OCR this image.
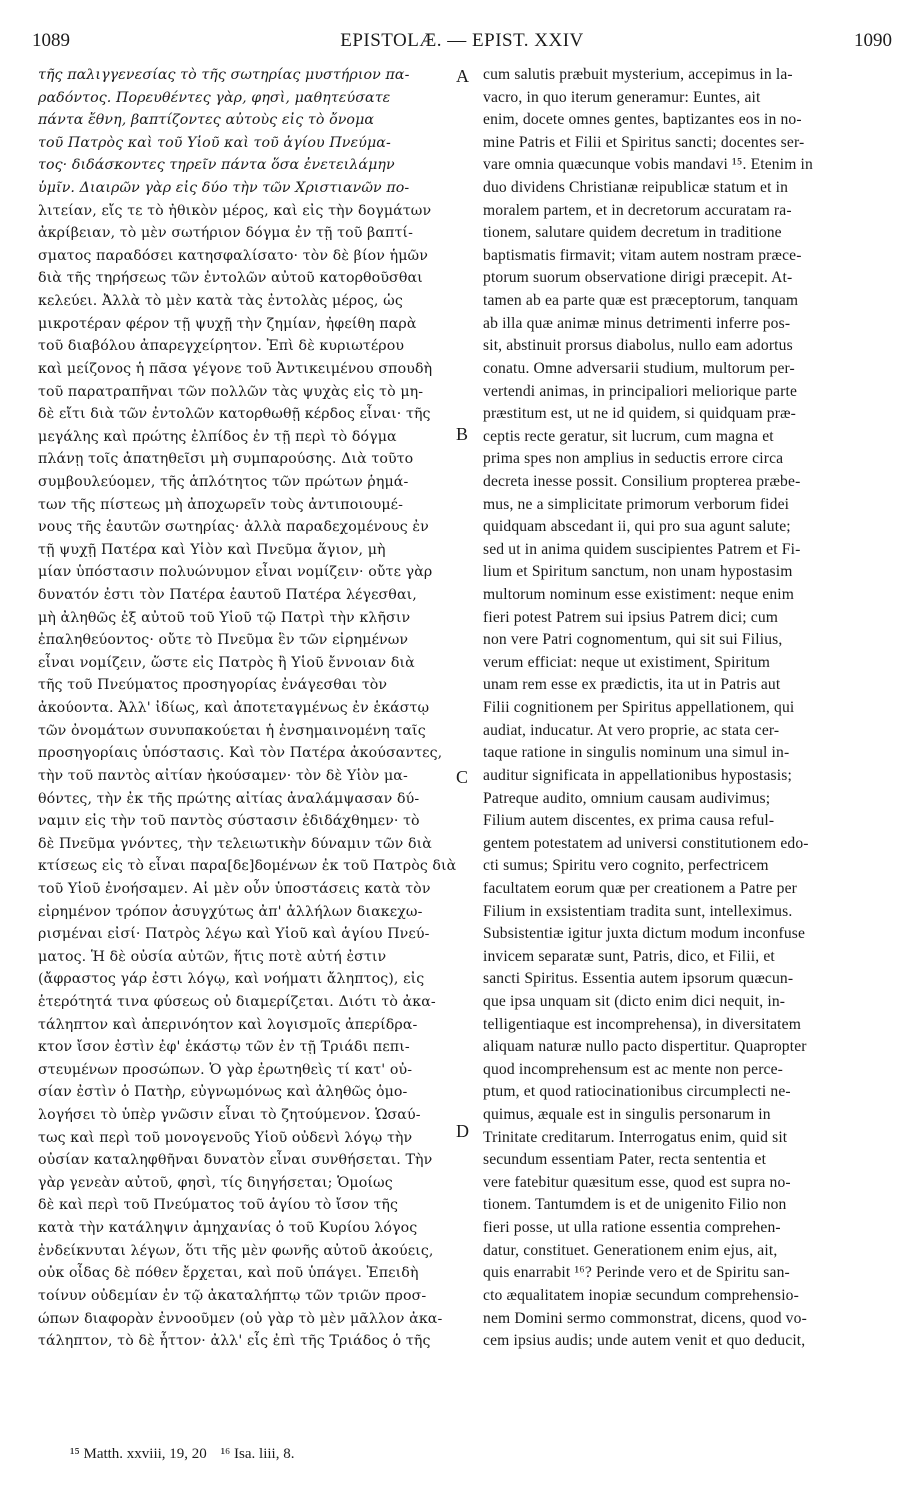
1089	EPISTOLÆ. — EPIST. XXIV	1090
τῆς παλιγγενεσίας τὸ τῆς σωτηρίας μυστήριον πα-
ραδόντος. Πορευθέντες γὰρ, φησὶ, μαθητεύσατε
πάντα ἔθνη, βαπτίζοντες αὐτοὺς εἰς τὸ ὄνομα
τοῦ Πατρὸς καὶ τοῦ Υἱοῦ καὶ τοῦ ἁγίου Πνεύμα-
τος· διδάσκοντες τηρεῖν πάντα ὅσα ἐνετειλάμην
ὑμῖν. Διαιρῶν γὰρ εἰς δύο τὴν τῶν Χριστιανῶν πο-
λιτείαν, εἴς τε τὸ ἠθικὸν μέρος, καὶ εἰς τὴν δογμάτων
ἀκρίβειαν, τὸ μὲν σωτήριον δόγμα ἐν τῇ τοῦ βαπτί-
σματος παραδόσει κατησφαλίσατο· τὸν δὲ βίον ἡμῶν
διὰ τῆς τηρήσεως τῶν ἐντολῶν αὐτοῦ κατορθοῦσθαι
κελεύει. Ἀλλὰ τὸ μὲν κατὰ τὰς ἐντολὰς μέρος, ὡς
μικροτέραν φέρον τῇ ψυχῇ τὴν ζημίαν, ἠφείθη παρὰ
τοῦ διαβόλου ἀπαρεγχείρητον. Ἐπὶ δὲ κυριωτέρου
καὶ μείζονος ἡ πᾶσα γέγονε τοῦ Ἀντικειμένου σπουδὴ
τοῦ παρατραπῆναι τῶν πολλῶν τὰς ψυχὰς εἰς τὸ μη-
δὲ εἴτι διὰ τῶν ἐντολῶν κατορθωθῇ κέρδος εἶναι· τῆς
μεγάλης καὶ πρώτης ἐλπίδος ἐν τῇ περὶ τὸ δόγμα
πλάνῃ τοῖς ἀπατηθεῖσι μὴ συμπαρούσης. Διὰ τοῦτο
συμβουλεύομεν, τῆς ἁπλότητος τῶν πρώτων ῥημά-
των τῆς πίστεως μὴ ἀποχωρεῖν τοὺς ἀντιποιουμέ-
νους τῆς ἑαυτῶν σωτηρίας· ἀλλὰ παραδεχομένους ἐν
τῇ ψυχῇ Πατέρα καὶ Υἱὸν καὶ Πνεῦμα ἅγιον, μὴ
μίαν ὑπόστασιν πολυώνυμον εἶναι νομίζειν· οὔτε γὰρ
δυνατόν ἐστι τὸν Πατέρα ἑαυτοῦ Πατέρα λέγεσθαι,
μὴ ἀληθῶς ἐξ αὐτοῦ τοῦ Υἱοῦ τῷ Πατρὶ τὴν κλῆσιν
ἐπαληθεύοντος· οὔτε τὸ Πνεῦμα ἓν τῶν εἰρημένων
εἶναι νομίζειν, ὥστε εἰς Πατρὸς ἢ Υἱοῦ ἔννοιαν διὰ
τῆς τοῦ Πνεύματος προσηγορίας ἐνάγεσθαι τὸν
ἀκούοντα. Ἀλλ' ἰδίως, καὶ ἀποτεταγμένως ἐν ἑκάστῳ
τῶν ὀνομάτων συνυπακούεται ἡ ἐνσημαινομένη ταῖς
προσηγορίαις ὑπόστασις. Καὶ τὸν Πατέρα ἀκούσαντες,
τὴν τοῦ παντὸς αἰτίαν ἠκούσαμεν· τὸν δὲ Υἱὸν μα-
θόντες, τὴν ἐκ τῆς πρώτης αἰτίας ἀναλάμψασαν δύ-
ναμιν εἰς τὴν τοῦ παντὸς σύστασιν ἐδιδάχθημεν· τὸ
δὲ Πνεῦμα γνόντες, τὴν τελειωτικὴν δύναμιν τῶν διὰ
κτίσεως εἰς τὸ εἶναι παρα[δε]δομένων ἐκ τοῦ Πατρὸς διὰ
τοῦ Υἱοῦ ἐνοήσαμεν. Αἱ μὲν οὖν ὑποστάσεις κατὰ τὸν
εἰρημένον τρόπον ἀσυγχύτως ἀπ' ἀλλήλων διακεχω-
ρισμέναι εἰσί· Πατρὸς λέγω καὶ Υἱοῦ καὶ ἁγίου Πνεύ-
ματος. Ἡ δὲ οὐσία αὐτῶν, ἥτις ποτὲ αὐτή ἐστιν
(ἄφραστος γάρ ἐστι λόγῳ, καὶ νοήματι ἄληπτος), εἰς
ἑτερότητά τινα φύσεως οὐ διαμερίζεται. Διότι τὸ ἀκα-
τάληπτον καὶ ἀπερινόητον καὶ λογισμοῖς ἀπερίδρα-
κτον ἴσον ἐστὶν ἐφ' ἑκάστῳ τῶν ἐν τῇ Τριάδι πεπι-
στευμένων προσώπων. Ὁ γὰρ ἐρωτηθεὶς τί κατ' οὐ-
σίαν ἐστὶν ὁ Πατὴρ, εὐγνωμόνως καὶ ἀληθῶς ὁμο-
λογήσει τὸ ὑπὲρ γνῶσιν εἶναι τὸ ζητούμενον. Ὡσαύ-
τως καὶ περὶ τοῦ μονογενοῦς Υἱοῦ οὐδενὶ λόγῳ τὴν
οὐσίαν καταληφθῆναι δυνατὸν εἶναι συνθήσεται. Τὴν
γὰρ γενεὰν αὐτοῦ, φησὶ, τίς διηγήσεται; Ὁμοίως
δὲ καὶ περὶ τοῦ Πνεύματος τοῦ ἁγίου τὸ ἴσον τῆς
κατὰ τὴν κατάληψιν ἀμηχανίας ὁ τοῦ Κυρίου λόγος
ἐνδείκνυται λέγων, ὅτι τῆς μὲν φωνῆς αὐτοῦ ἀκούεις,
οὐκ οἶδας δὲ πόθεν ἔρχεται, καὶ ποῦ ὑπάγει. Ἐπειδὴ
τοίνυν οὐδεμίαν ἐν τῷ ἀκαταλήπτῳ τῶν τριῶν προσ-
ώπων διαφορὰν ἐννοοῦμεν (οὐ γὰρ τὸ μὲν μᾶλλον ἀκα-
τάληπτον, τὸ δὲ ἧττον· ἀλλ' εἷς ἐπὶ τῆς Τριάδος ὁ τῆς
cum salutis præbuit mysterium, accepimus in la-
vacro, in quo iterum generamur: Euntes, ait
enim, docete omnes gentes, baptizantes eos in no-
mine Patris et Filii et Spiritus sancti; docentes ser-
vare omnia quæcunque vobis mandavi ¹⁵. Etenim in
duo dividens Christianæ reipublicæ statum et in
moralem partem, et in decretorum accuratam ra-
tionem, salutare quidem decretum in traditione
baptismatis firmavit; vitam autem nostram præce-
ptorum suorum observatione dirigi præcepit. At-
tamen ab ea parte quæ est præceptorum, tanquam
ab illa quæ animæ minus detrimenti inferre pos-
sit, abstinuit prorsus diabolus, nullo eam adortus
conatu. Omne adversarii studium, multorum per-
vertendi animas, in principaliori meliorique parte
præstitum est, ut ne id quidem, si quidquam præ-
ceptis recte geratur, sit lucrum, cum magna et
prima spes non amplius in seductis errore circa
decreta inesse possit. Consilium propterea præbe-
mus, ne a simplicitate primorum verborum fidei
quidquam abscedant ii, qui pro sua agunt salute;
sed ut in anima quidem suscipientes Patrem et Fi-
lium et Spiritum sanctum, non unam hypostasim
multorum nominum esse existiment: neque enim
fieri potest Patrem sui ipsius Patrem dici; cum
non vere Patri cognomentum, qui sit sui Filius,
verum efficiat: neque ut existiment, Spiritum
unam rem esse ex prædictis, ita ut in Patris aut
Filii cognitionem per Spiritus appellationem, qui
audiat, inducatur. At vero proprie, ac stata cer-
taque ratione in singulis nominum una simul in-
auditur significata in appellationibus hypostasis;
Patreque audito, omnium causam audivimus;
Filium autem discentes, ex prima causa reful-
gentem potestatem ad universi constitutionem edo-
cti sumus; Spiritu vero cognito, perfectricem
facultatem eorum quæ per creationem a Patre per
Filium in exsistentiam tradita sunt, intelleximus.
Subsistentiæ igitur juxta dictum modum inconfuse
invicem separatæ sunt, Patris, dico, et Filii, et
sancti Spiritus. Essentia autem ipsorum quæcun-
que ipsa unquam sit (dicto enim dici nequit, in-
telligentiaque est incomprehensa), in diversitatem
aliquam naturæ nullo pacto dispertitur. Quapropter
quod incomprehensum est ac mente non perce-
ptum, et quod ratiocinationibus circumplecti ne-
quimus, æquale est in singulis personarum in
Trinitate creditarum. Interrogatus enim, quid sit
secundum essentiam Pater, recta sententia et
vere fatebitur quæsitum esse, quod est supra no-
tionem. Tantumdem is et de unigenito Filio non
fieri posse, ut ulla ratione essentia comprehen-
datur, constituet. Generationem enim ejus, ait,
quis enarrabit ¹⁶? Perinde vero et de Spiritu san-
cto æqualitatem inopiæ secundum comprehensio-
nem Domini sermo commonstrat, dicens, quod vo-
cem ipsius audis; unde autem venit et quo deducit,
A
B
C
D
¹⁵ Matth. xxviii, 19, 20 ¹⁶ Isa. liii, 8.
